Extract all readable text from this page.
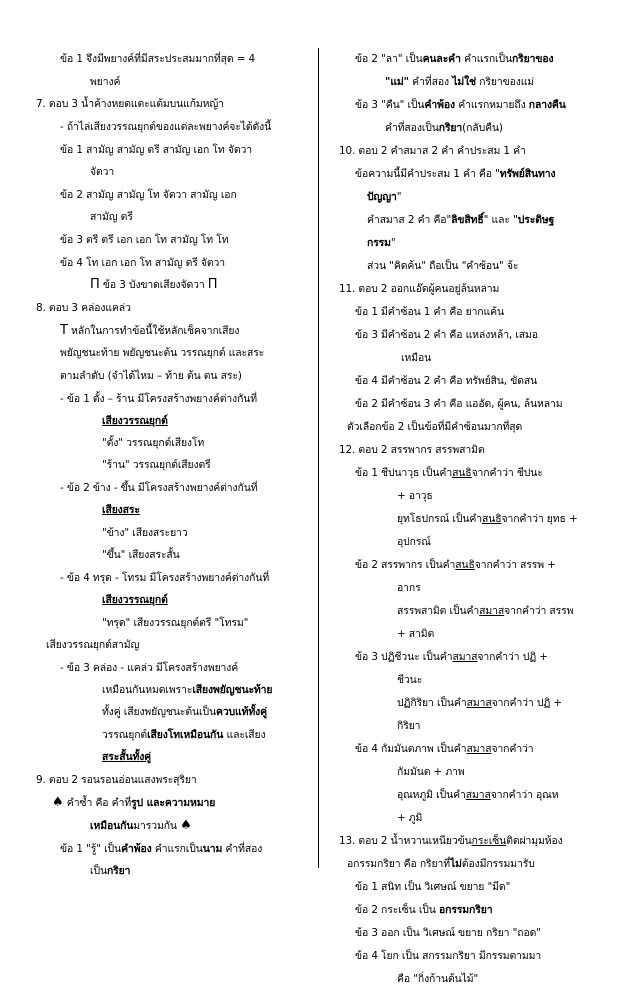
ข้อ 1 จึงมีพยางค์ที่มีสระประสมมากที่สุด = 4
พยางค์
7. ตอบ 3 น้ำค้างหยดแตะแต้มบนแก้มหญ้า
- ถ้าไล่เสียงวรรณยุกต์ของแต่ละพยางค์จะได้ดังนี้
ข้อ 1 สามัญ สามัญ ตรี สามัญ เอก โท จัตวา
จัตวา
ข้อ 2 สามัญ สามัญ โท จัตวา สามัญ เอก
สามัญ ตรี
ข้อ 3 ตรี ตรี เอก เอก โท สามัญ โท โท
ข้อ 4 โท เอก เอก โท สามัญ ตรี จัตวา
Π ข้อ 3 บังขาดเสียงจัตวา Π
8. ตอบ 3 คล่องแคล่ว
T หลักในการทำข้อนี้ใช้หลักเช็คจากเสียง
พยัญชนะท้าย พยัญชนะต้น วรรณยุกต์ และสระ
ตามลำดับ (จำได้ไหม – ท้าย ต้น ตน สระ)
- ข้อ 1 ตั้ง – ร้าน มีโครงสร้างพยางค์ต่างกันที่
เสียงวรรณยุกต์
"ตั้ง" วรรณยุกต์เสียงโท
"ร้าน" วรรณยุกต์เสียงตรี
- ข้อ 2 ข้าง - ขึ้น มีโครงสร้างพยางค์ต่างกันที่
เสียงสระ
"ข้าง" เสียงสระยาว
"ขึ้น" เสียงสระสั้น
- ข้อ 4 ทรุด - โทรม มีโครงสร้างพยางค์ต่างกันที่
เสียงวรรณยุกต์
"ทรุด" เสียงวรรณยุกต์ตรี "โทรม"
เสียงวรรณยุกต์สามัญ
- ข้อ 3 คล่อง - แคล่ว มีโครงสร้างพยางค์
เหมือนกันหมดเพราะเสียงพยัญชนะท้าย
ทั้งคู่ เสียงพยัญชนะต้นเป็นควบแท้ทั้งคู่
วรรณยุกต์เสียงโทเหมือนกัน และเสียง
สระสั้นทั้งคู่
9. ตอบ 2 รอนรอนอ่อนแสงพระสุริยา
♠ คำซ้ำ คือ คำที่รูป และความหมาย
เหมือนกันมารวมกัน ♠
ข้อ 1 "รู้" เป็นคำพ้อง คำแรกเป็นนาม คำที่สอง
เป็นกริยา
ข้อ 2 "ลา" เป็นคนละคำ คำแรกเป็นกริยาของ
"แม่" คำที่สอง ไม่ใช่ กริยาของแม่
ข้อ 3 "คืน" เป็นคำพ้อง คำแรกหมายถึง กลางคืน
คำที่สองเป็นกริยา(กลับคืน)
10. ตอบ 2 คำสมาส 2 คำ คำประสม 1 คำ
ข้อความนี้มีคำประสม 1 คำ คือ "ทรัพย์สินทาง
ปัญญา"
คำสมาส 2 คำ คือ"ลิขสิทธิ์" และ "ประดิษฐ
กรรม"
ส่วน "คิดค้น" ถือเป็น "คำซ้อน" จ้ะ
11. ตอบ 2 ออกแอ๊ดผู้คนอยู่ล้นหลาม
ข้อ 1 มีคำซ้อน 1 คำ คือ ยากแค้น
ข้อ 3 มีคำซ้อน 2 คำ คือ แหล่งหล้า, เสมอ
เหมือน
ข้อ 4 มีคำซ้อน 2 คำ คือ ทรัพย์สิน, ขัดสน
ข้อ 2 มีคำซ้อน 3 คำ คือ แออัด, ผู้คน, ล้นหลาม
ตัวเลือกข้อ 2 เป็นข้อที่มีคำซ้อนมากที่สุด
12. ตอบ 2 สรรพากร สรรพสามิต
ข้อ 1 ชีปนาวุธ เป็นคำสนธิจากคำว่า ชีปนะ
+ อาวุธ
ยุทโธปกรณ์ เป็นคำสนธิจากคำว่า ยุทธ +
อุปกรณ์
ข้อ 2 สรรพากร เป็นคำสนธิจากคำว่า สรรพ +
อากร
สรรพสามิต เป็นคำสมาสจากคำว่า สรรพ
+ สามิต
ข้อ 3 ปฏิชีวนะ เป็นคำสมาสจากคำว่า ปฏิ +
ชีวนะ
ปฏิกิริยา เป็นคำสมาสจากคำว่า ปฏิ +
กิริยา
ข้อ 4 กัมมันตภาพ เป็นคำสมาสจากคำว่า
กัมมันต + ภาพ
อุณหภูมิ เป็นคำสมาสจากคำว่า อุณห
+ ภูมิ
13. ตอบ 2 น้ำหวานเหนียวข้นกระเซ็นติดฝามุมห้อง
อกรรมกริยา คือ กริยาที่ไม่ต้องมีกรรมมารับ
ข้อ 1 สนิท เป็น วิเศษณ์ ขยาย "มีด"
ข้อ 2 กระเซ็น เป็น อกรรมกริยา
ข้อ 3 ออก เป็น วิเศษณ์ ขยาย กริยา "ถอด"
ข้อ 4 โยก เป็น สกรรมกริยา มีกรรมตามมา
คือ "กิ่งก้านต้นไม้"
